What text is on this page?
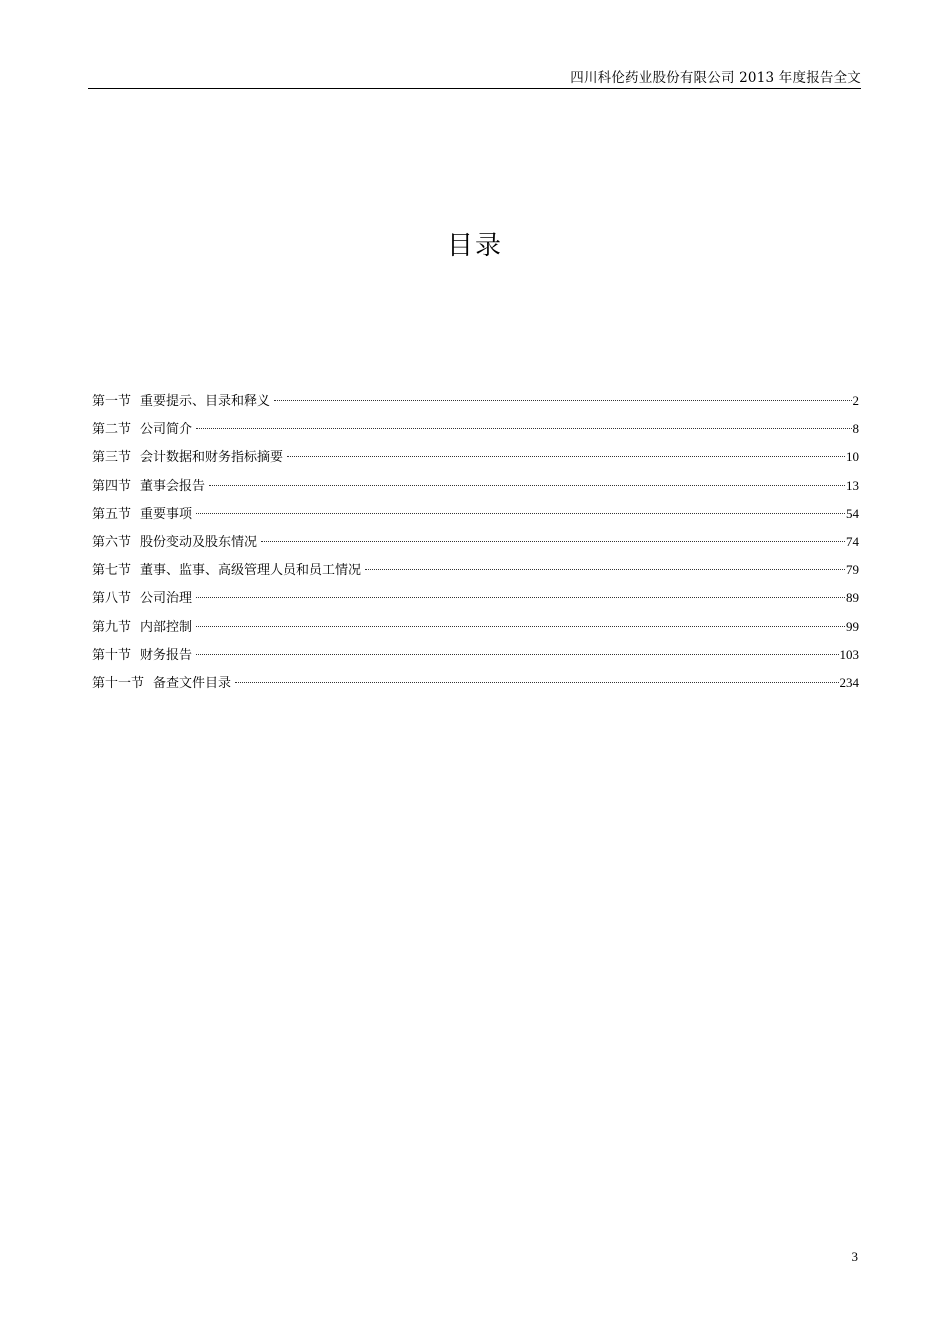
四川科伦药业股份有限公司 2013 年度报告全文
目录
第一节 重要提示、目录和释义	2
第二节 公司简介	8
第三节 会计数据和财务指标摘要	10
第四节 董事会报告	13
第五节 重要事项	54
第六节 股份变动及股东情况	74
第七节 董事、监事、高级管理人员和员工情况	79
第八节 公司治理	89
第九节 内部控制	99
第十节 财务报告	103
第十一节 备查文件目录	234
3
